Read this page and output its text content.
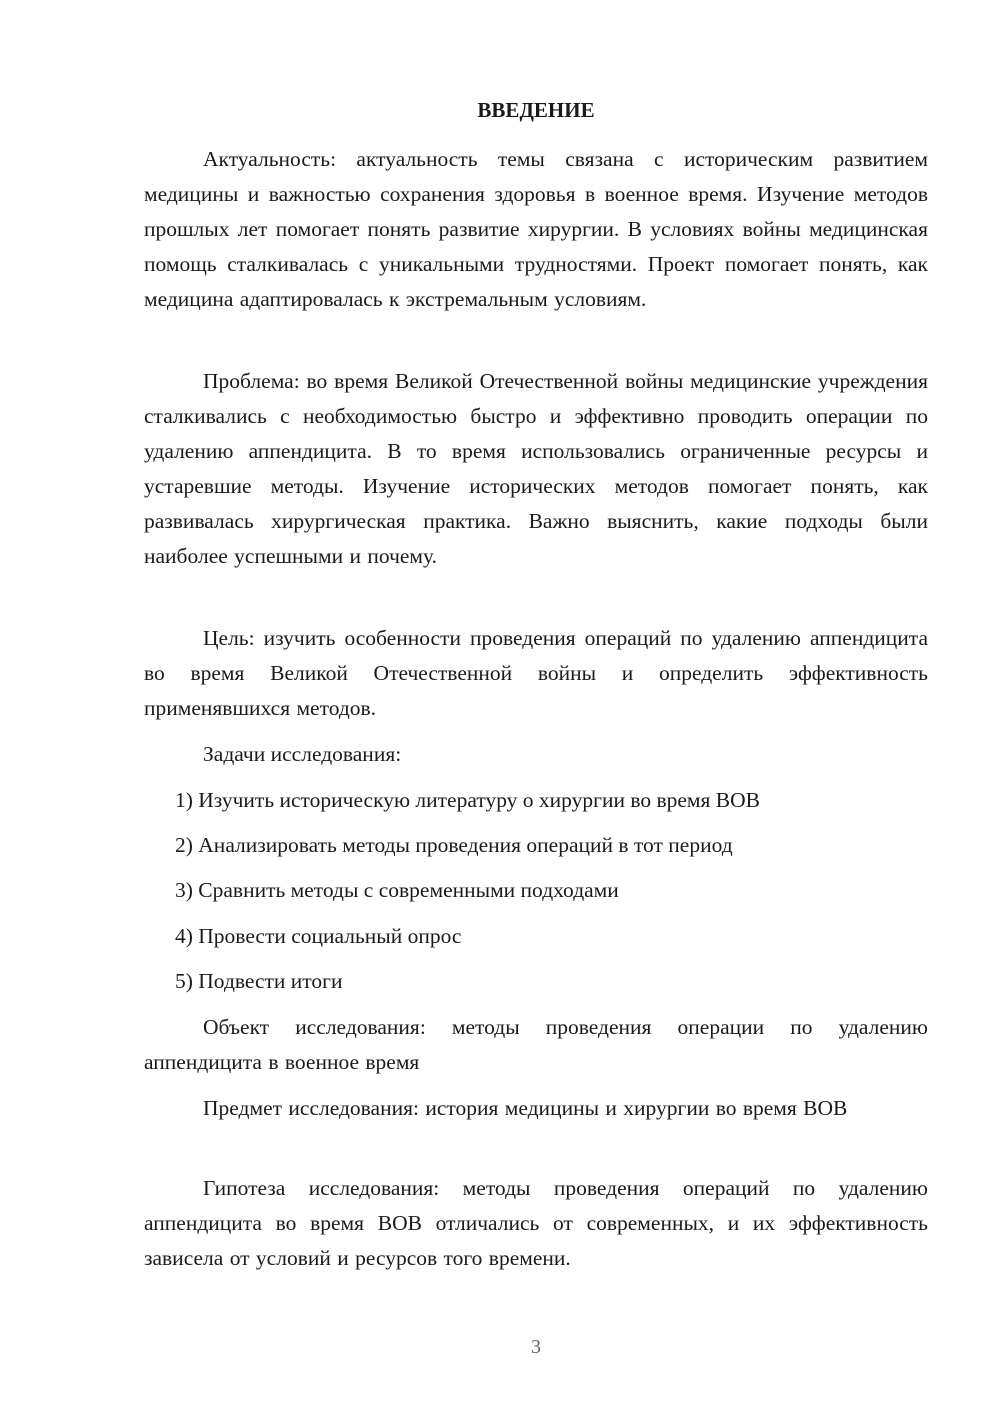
ВВЕДЕНИЕ

Актуальность: актуальность темы связана с историческим развитием медицины и важностью сохранения здоровья в военное время. Изучение методов прошлых лет помогает понять развитие хирургии. В условиях войны медицинская помощь сталкивалась с уникальными трудностями. Проект помогает понять, как медицина адаптировалась к экстремальным условиям.

Проблема: во время Великой Отечественной войны медицинские учреждения сталкивались с необходимостью быстро и эффективно проводить операции по удалению аппендицита. В то время использовались ограниченные ресурсы и устаревшие методы. Изучение исторических методов помогает понять, как развивалась хирургическая практика. Важно выяснить, какие подходы были наиболее успешными и почему.

Цель: изучить особенности проведения операций по удалению аппендицита во время Великой Отечественной войны и определить эффективность применявшихся методов.

Задачи исследования:

1) Изучить историческую литературу о хирургии во время ВОВ

2) Анализировать методы проведения операций в тот период

3) Сравнить методы с современными подходами

4) Провести социальный опрос

5) Подвести итоги

Объект исследования: методы проведения операции по удалению аппендицита в военное время

Предмет исследования: история медицины и хирургии во время ВОВ

Гипотеза исследования: методы проведения операций по удалению аппендицита во время ВОВ отличались от современных, и их эффективность зависела от условий и ресурсов того времени.

3
